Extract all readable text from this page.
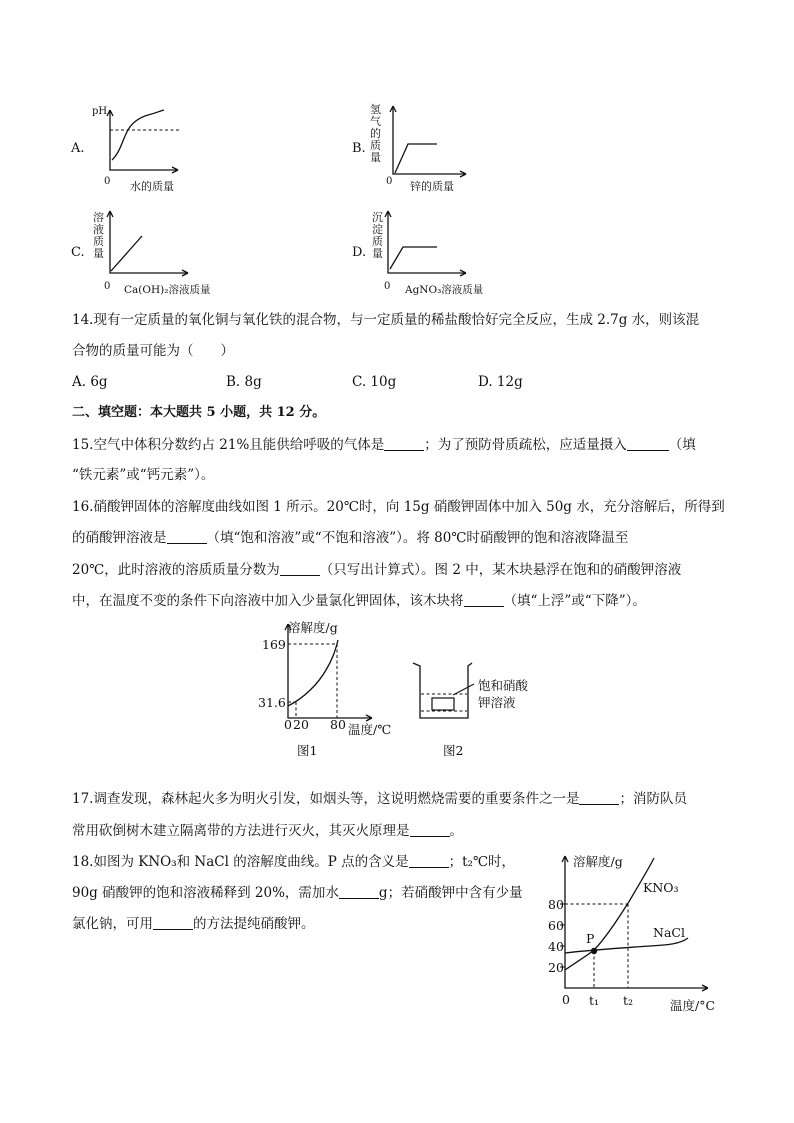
A.
pH
0 水的质量
B.
氢气的质量
0 锌的质量
C.
溶液质量
0 Ca(OH)₂溶液质量
D.
沉淀质量
0 AgNO₃溶液质量
14.现有一定质量的氧化铜与氧化铁的混合物，与一定质量的稀盐酸恰好完全反应，生成 2.7g 水，则该混
合物的质量可能为（　　）
A. 6g	B. 8g	C. 10g	D. 12g
二、填空题：本大题共 5 小题，共 12 分。
15.空气中体积分数约占 21%且能供给呼吸的气体是	；为了预防骨质疏松，应适量摄入	（填
“铁元素”或“钙元素”）。
16.硝酸钾固体的溶解度曲线如图 1 所示。20℃时，向 15g 硝酸钾固体中加入 50g 水，充分溶解后，所得到
的硝酸钾溶液是	（填“饱和溶液”或“不饱和溶液”）。将 80℃时硝酸钾的饱和溶液降温至
20℃，此时溶液的溶质质量分数为	（只写出计算式）。图 2 中，某木块悬浮在饱和的硝酸钾溶液
中，在温度不变的条件下向溶液中加入少量氯化钾固体，该木块将	（填“上浮”或“下降”）。
溶解度/g
169
31.6
0 20 80 温度/℃
图1
饱和硝酸
钾溶液
图2
17.调查发现，森林起火多为明火引发，如烟头等，这说明燃烧需要的重要条件之一是	；消防队员
常用砍倒树木建立隔离带的方法进行灭火，其灭火原理是	。
18.如图为 KNO₃和 NaCl 的溶解度曲线。P 点的含义是	；t₂℃时，
90g 硝酸钾的饱和溶液稀释到 20%，需加水	g；若硝酸钾中含有少量
氯化钠，可用	的方法提纯硝酸钾。
溶解度/g
80
60
40
20
0
KNO₃
NaCl
P
t₁ t₂	温度/°C
